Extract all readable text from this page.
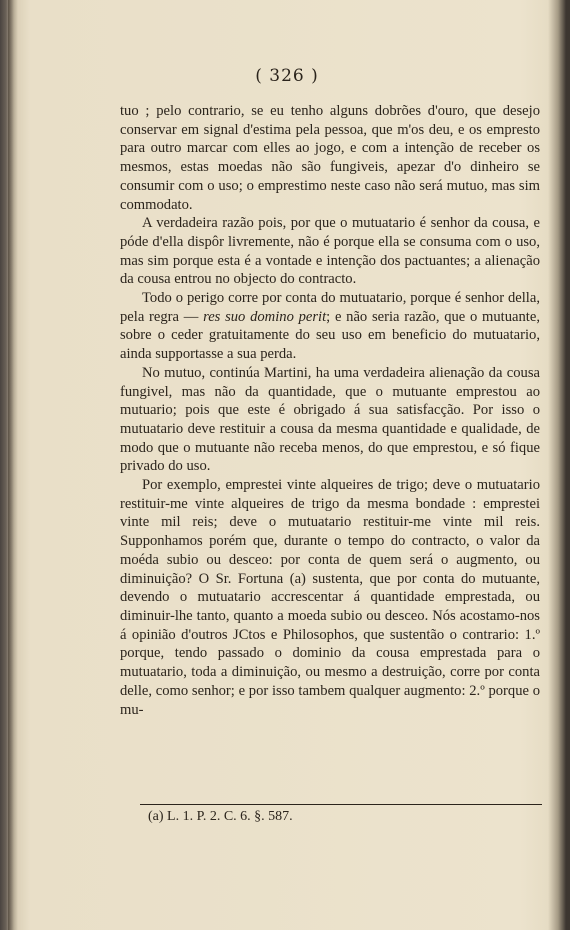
( 326 )

tuo ; pelo contrario, se eu tenho alguns dobrões d'ouro, que desejo conservar em signal d'estima pela pessoa, que m'os deu, e os empresto para outro marcar com elles ao jogo, e com a intenção de receber os mesmos, estas moedas não são fungiveis, apezar d'o dinheiro se consumir com o uso; o emprestimo neste caso não será mutuo, mas sim commodato.

A verdadeira razão pois, por que o mutuatario é senhor da cousa, e póde d'ella dispôr livremente, não é porque ella se consuma com o uso, mas sim porque esta é a vontade e intenção dos pactuantes; a alienação da cousa entrou no objecto do contracto.

Todo o perigo corre por conta do mutuatario, porque é senhor della, pela regra — res suo domino perit; e não seria razão, que o mutuante, sobre o ceder gratuitamente do seu uso em beneficio do mutuatario, ainda supportasse a sua perda.

No mutuo, continúa Martini, ha uma verdadeira alienação da cousa fungivel, mas não da quantidade, que o mutuante emprestou ao mutuario; pois que este é obrigado á sua satisfacção. Por isso o mutuatario deve restituir a cousa da mesma quantidade e qualidade, de modo que o mutuante não receba menos, do que emprestou, e só fique privado do uso.

Por exemplo, emprestei vinte alqueires de trigo; deve o mutuatario restituir-me vinte alqueires de trigo da mesma bondade : emprestei vinte mil reis; deve o mutuatario restituir-me vinte mil reis. Supponhamos porém que, durante o tempo do contracto, o valor da moéda subio ou desceo: por conta de quem será o augmento, ou diminuição? O Sr. Fortuna (a) sustenta, que por conta do mutuante, devendo o mutuatario accrescentar á quantidade emprestada, ou diminuir-lhe tanto, quanto a moeda subio ou desceo. Nós acostamo-nos á opinião d'outros JCtos e Philosophos, que sustentão o contrario: 1.º porque, tendo passado o dominio da cousa emprestada para o mutuatario, toda a diminuição, ou mesmo a destruição, corre por conta delle, como senhor; e por isso tambem qualquer augmento: 2.º porque o mu-

(a) L. 1. P. 2. C. 6. §. 587.
